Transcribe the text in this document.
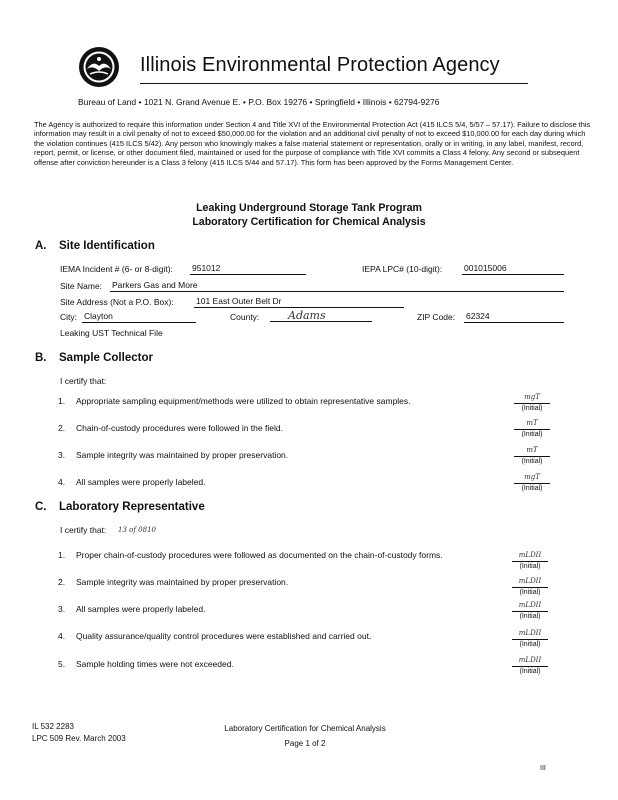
Illinois Environmental Protection Agency
Bureau of Land • 1021 N. Grand Avenue E. • P.O. Box 19276 • Springfield • Illinois • 62794-9276
The Agency is authorized to require this information under Section 4 and Title XVI of the Environmental Protection Act (415 ILCS 5/4, 5/57 – 57.17). Failure to disclose this information may result in a civil penalty of not to exceed $50,000.00 for the violation and an additional civil penalty of not to exceed $10,000.00 for each day during which the violation continues (415 ILCS 5/42). Any person who knowingly makes a false material statement or representation, orally or in writing, in any label, manifest, record, report, permit, or license, or other document filed, maintained or used for the purpose of compliance with Title XVI commits a Class 4 felony. Any second or subsequent offense after conviction hereunder is a Class 3 felony (415 ILCS 5/44 and 57.17). This form has been approved by the Forms Management Center.
Leaking Underground Storage Tank Program
Laboratory Certification for Chemical Analysis
A. Site Identification
IEMA Incident # (6- or 8-digit): 951012	IEPA LPC# (10-digit):	001015006
Site Name: Parkers Gas and More
Site Address (Not a P.O. Box):	101 East Outer Belt Dr
City: Clayton	County:	Adams	ZIP Code: 62324
Leaking UST Technical File
B. Sample Collector
I certify that:
1. Appropriate sampling equipment/methods were utilized to obtain representative samples.	mgT
(Initial)
2. Chain-of-custody procedures were followed in the field.	mT
(Initial)
3. Sample integrity was maintained by proper preservation.	mT
(Initial)
4. All samples were properly labeled.	mgT
(Initial)
C. Laboratory Representative
I certify that: 13 of 0810
1. Proper chain-of-custody procedures were followed as documented on the chain-of-custody forms.	mLDII
(Initial)
2. Sample integrity was maintained by proper preservation.	mLDII
(Initial)
3. All samples were properly labeled.	mLDII
(Initial)
4. Quality assurance/quality control procedures were established and carried out.	mLDII
(Initial)
5. Sample holding times were not exceeded.	mLDII
(Initial)
IL 532 2283
LPC 509 Rev. March 2003
Laboratory Certification for Chemical Analysis
Page 1 of 2
III
